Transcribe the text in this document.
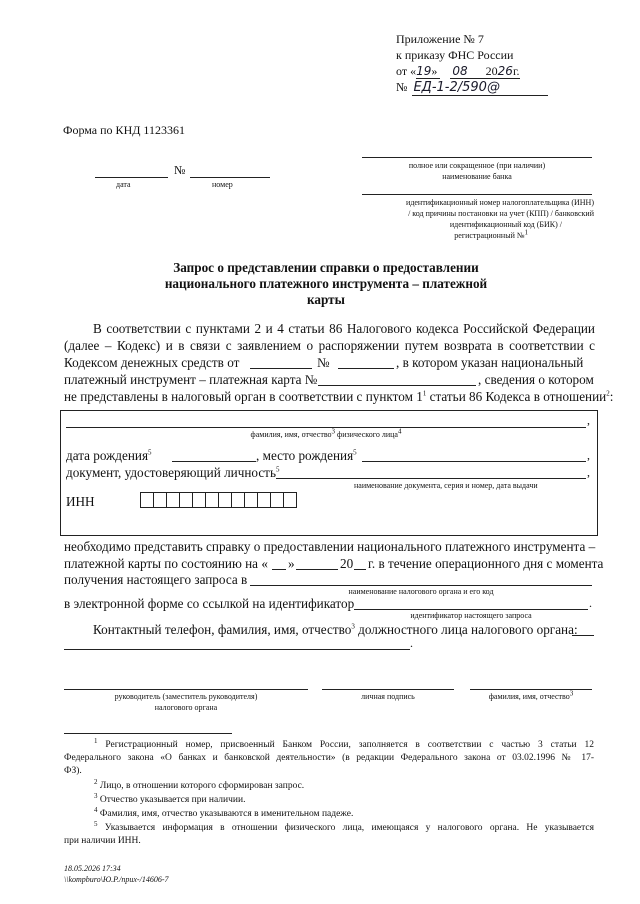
Приложение № 7
к приказу ФНС России
от «19» 08 2026г.
№ ЕД-1-2/590@
Форма по КНД 1123361
№
дата	номер
полное или сокращенное (при наличии)
наименование банка
идентификационный номер налогоплательщика (ИНН)
/ код причины постановки на учет (КПП) / банковский
идентификационный код (БИК) /
регистрационный №$^1$
Запрос о представлении справки о предоставлении
национального платежного инструмента – платежной
карты
В соответствии с пунктами 2 и 4 статьи 86 Налогового кодекса Российской Федерации
(далее – Кодекс) и в связи с заявлением о распоряжении путем возврата в соответствии с
Кодексом денежных средств от	№	, в котором указан национальный
платежный инструмент – платежная карта №	, сведения о котором
не представлены в налоговый орган в соответствии с пунктом $1^1$ статьи 86 Кодекса в отношении$^2$:
,
фамилия, имя, отчество$^3$ физического лица$^4$
дата рождения$^5$	, место рождения$^5$	,
документ, удостоверяющий личность$^5$	,
наименование документа, серия и номер, дата выдачи
ИНН
необходимо представить справку о предоставлении национального платежного инструмента –
платежной карты по состоянию на « »	20 г. в течение операционного дня с момента
получения настоящего запроса в
наименование налогового органа и его код
в электронной форме со ссылкой на идентификатор	.
идентификатор настоящего запроса
Контактный телефон, фамилия, имя, отчество$^3$ должностного лица налогового органа:
.
руководитель (заместитель руководителя)
налогового органа
личная подпись	фамилия, имя, отчество$^3$
$^1$ Регистрационный номер, присвоенный Банком России, заполняется в соответствии с частью 3 статьи 12
Федерального закона «О банках и банковской деятельности» (в редакции Федерального закона от 03.02.1996 № 17-
ФЗ).
$^2$ Лицо, в отношении которого сформирован запрос.
$^3$ Отчество указывается при наличии.
$^4$ Фамилия, имя, отчество указываются в именительном падеже.
$^5$ Указывается информация в отношении физического лица, имеющаяся у налогового органа. Не указывается
при наличии ИНН.
18.05.2026 17:34
\\kompburo\Ю.Р./приx-/14606-7
